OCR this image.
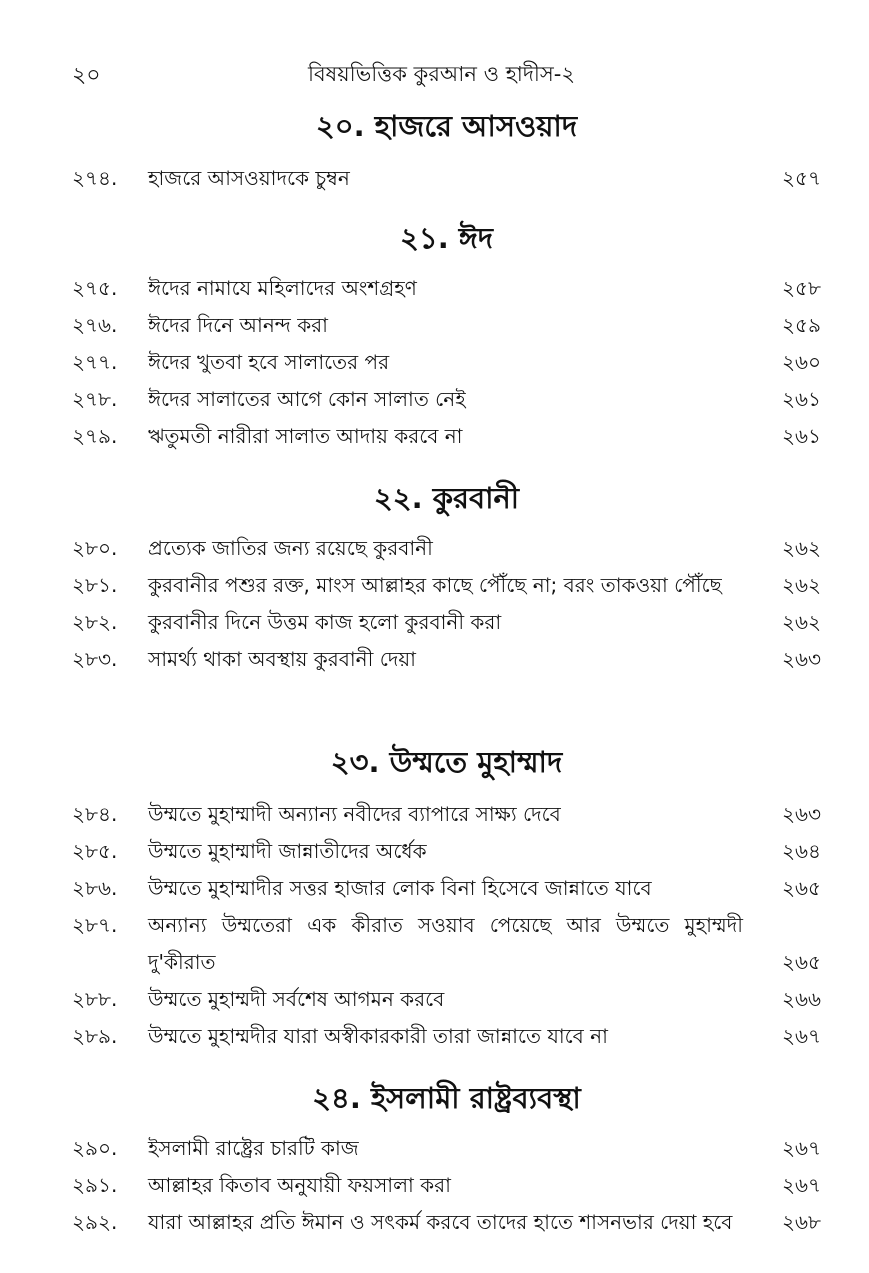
২০	বিষয়ভিত্তিক কুরআন ও হাদীস-২
২০. হাজরে আসওয়াদ
২৭৪.	হাজরে আসওয়াদকে চুম্বন	২৫৭
২১. ঈদ
২৭৫.	ঈদের নামাযে মহিলাদের অংশগ্রহণ	২৫৮
২৭৬.	ঈদের দিনে আনন্দ করা	২৫৯
২৭৭.	ঈদের খুতবা হবে সালাতের পর	২৬০
২৭৮.	ঈদের সালাতের আগে কোন সালাত নেই	২৬১
২৭৯.	ঋতুমতী নারীরা সালাত আদায় করবে না	২৬১
২২. কুরবানী
২৮০.	প্রত্যেক জাতির জন্য রয়েছে কুরবানী	২৬২
২৮১.	কুরবানীর পশুর রক্ত, মাংস আল্লাহর কাছে পৌঁছে না; বরং তাকওয়া পৌঁছে	২৬২
২৮২.	কুরবানীর দিনে উত্তম কাজ হলো কুরবানী করা	২৬২
২৮৩.	সামর্থ্য থাকা অবস্থায় কুরবানী দেয়া	২৬৩
২৩. উম্মতে মুহাম্মাদ
২৮৪.	উম্মতে মুহাম্মাদী অন্যান্য নবীদের ব্যাপারে সাক্ষ্য দেবে	২৬৩
২৮৫.	উম্মতে মুহাম্মাদী জান্নাতীদের অর্ধেক	২৬৪
২৮৬.	উম্মতে মুহাম্মাদীর সত্তর হাজার লোক বিনা হিসেবে জান্নাতে যাবে	২৬৫
২৮৭.	অন্যান্য উম্মতেরা এক কীরাত সওয়াব পেয়েছে আর উম্মতে মুহাম্মদী দু'কীরাত	২৬৫
২৮৮.	উম্মতে মুহাম্মদী সর্বশেষ আগমন করবে	২৬৬
২৮৯.	উম্মতে মুহাম্মদীর যারা অস্বীকারকারী তারা জান্নাতে যাবে না	২৬৭
২৪. ইসলামী রাষ্ট্রব্যবস্থা
২৯০.	ইসলামী রাষ্ট্রের চারটি কাজ	২৬৭
২৯১.	আল্লাহর কিতাব অনুযায়ী ফয়সালা করা	২৬৭
২৯২.	যারা আল্লাহর প্রতি ঈমান ও সৎকর্ম করবে তাদের হাতে শাসনভার দেয়া হবে	২৬৮
